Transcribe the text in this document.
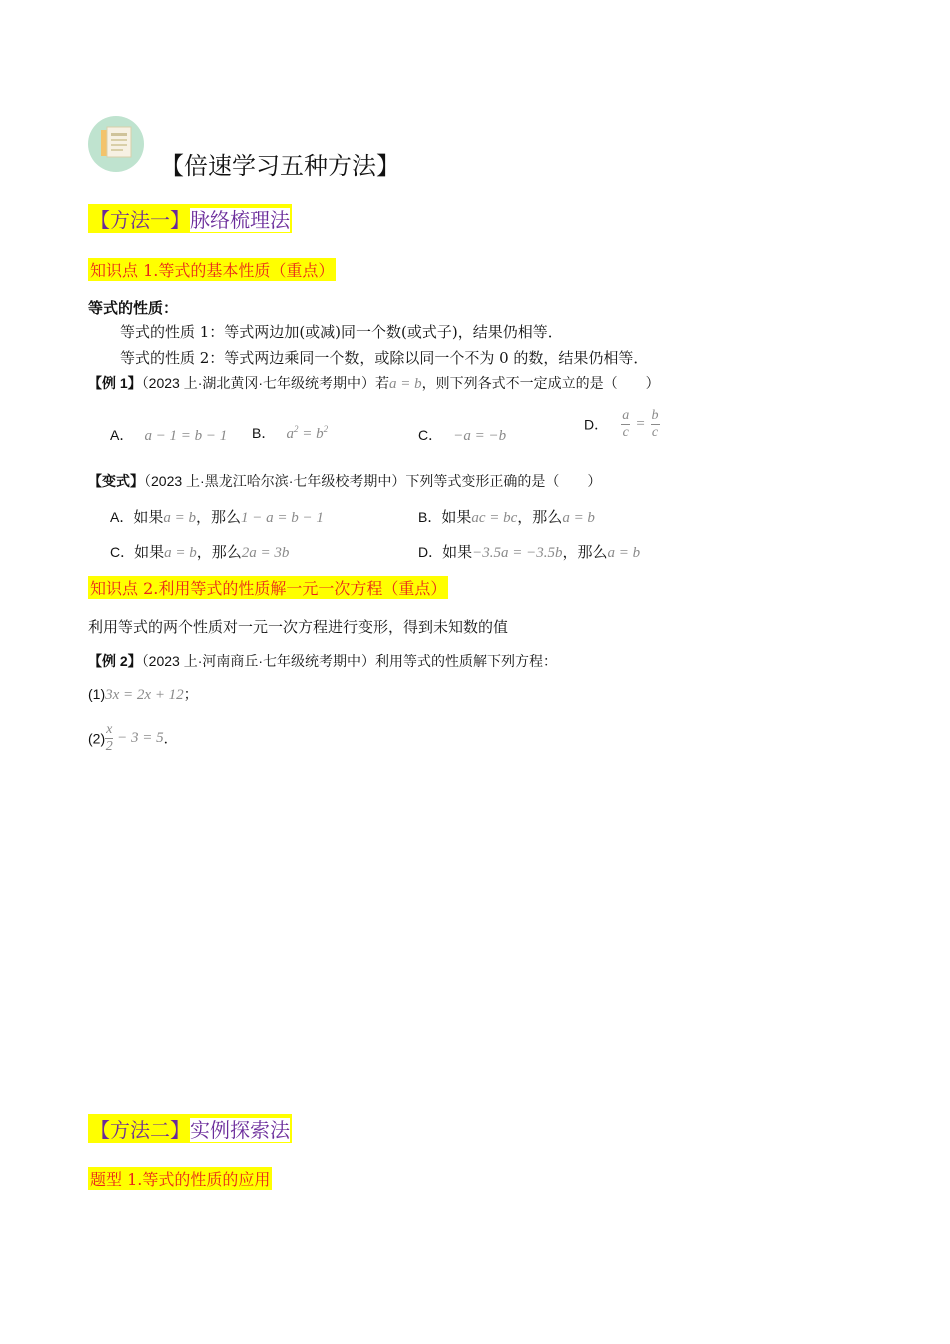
【倍速学习五种方法】
【方法一】脉络梳理法
知识点 1.等式的基本性质（重点）
等式的性质：
等式的性质 1：等式两边加(或减)同一个数(或式子)，结果仍相等．
等式的性质 2：等式两边乘同一个数，或除以同一个不为 0 的数，结果仍相等．
【例 1】（2023 上·湖北黄冈·七年级统考期中）若a = b，则下列各式不一定成立的是（　　）
A． a − 1 = b − 1 B． $a^2 = b^2$	C． −a = −b
D． $\frac{a}{c} = \frac{b}{c}$
【变式】（2023 上·黑龙江哈尔滨·七年级校考期中）下列等式变形正确的是（　　）
A．如果a = b，那么1 − a = b − 1	B．如果ac = bc，那么a = b
C．如果a = b，那么2a = 3b	D．如果−3.5a = −3.5b，那么a = b
知识点 2.利用等式的性质解一元一次方程（重点）
利用等式的两个性质对一元一次方程进行变形，得到未知数的值
【例 2】（2023 上·河南商丘·七年级统考期中）利用等式的性质解下列方程：
(1)3x = 2x + 12；
$(2) \frac{x}{2} - 3 = 5$．
【方法二】实例探索法
题型 1.等式的性质的应用
